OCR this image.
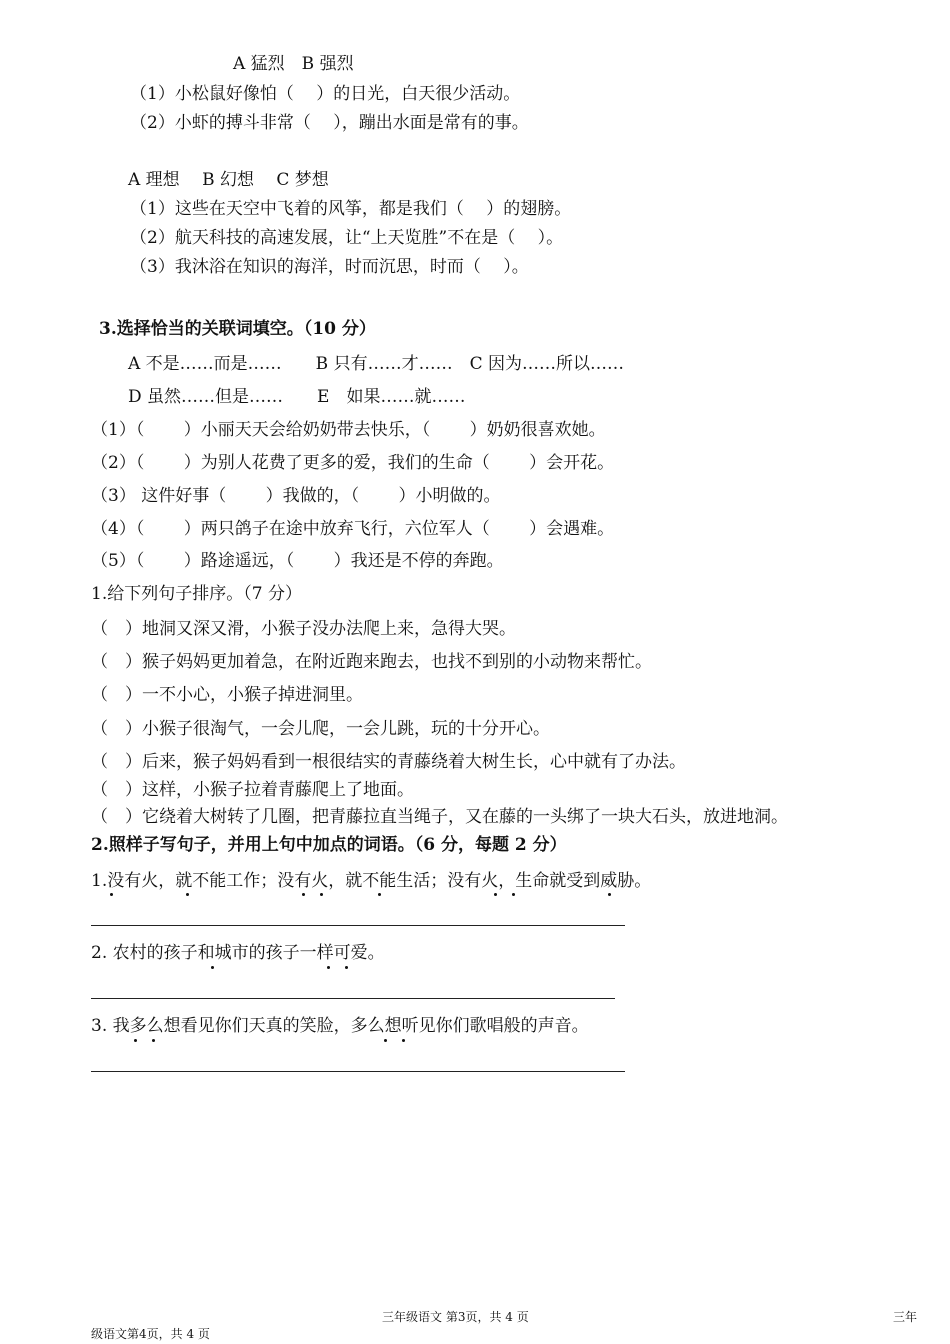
A 猛烈　B 强烈
（1）小松鼠好像怕（　 ）的日光，白天很少活动。
（2）小虾的搏斗非常（　 ），蹦出水面是常有的事。
A 理想　 B 幻想　 C 梦想
（1）这些在天空中飞着的风筝，都是我们（　 ）的翅膀。
（2）航天科技的高速发展，让“上天览胜”不在是（　 ）。
（3）我沐浴在知识的海洋，时而沉思，时而（　 ）。
3.选择恰当的关联词填空。（10 分）
A 不是……而是……　　B 只有……才……　C 因为……所以……
D 虽然……但是……　　E　如果……就……
（1）（　　 ）小丽天天会给奶奶带去快乐，（　　 ）奶奶很喜欢她。
（2）（　　 ）为别人花费了更多的爱，我们的生命（　　 ）会开花。
（3） 这件好事（　　 ）我做的，（　　 ）小明做的。
（4）（　　 ）两只鸽子在途中放弃飞行，六位军人（　　 ）会遇难。
（5）（　　 ）路途遥远，（　　 ）我还是不停的奔跑。
1.给下列句子排序。（7 分）
（　）地洞又深又滑，小猴子没办法爬上来，急得大哭。
（　）猴子妈妈更加着急，在附近跑来跑去，也找不到别的小动物来帮忙。
（　）一不小心，小猴子掉进洞里。
（　）小猴子很淘气，一会儿爬，一会儿跳，玩的十分开心。
（　）后来，猴子妈妈看到一根很结实的青藤绕着大树生长，心中就有了办法。
（　）这样，小猴子拉着青藤爬上了地面。
（　）它绕着大树转了几圈，把青藤拉直当绳子，又在藤的一头绑了一块大石头，放进地洞。
2.照样子写句子，并用上句中加点的词语。（6 分，每题 2 分）
1.没有火，就不能工作；没有火，就不能生活；没有火，生命就受到威胁。
2. 农村的孩子和城市的孩子一样可爱。
3. 我多么想看见你们天真的笑脸，多么想听见你们歌唱般的声音。
三年级语文 第3页，共 4 页	三年
级语文第4页，共 4 页
